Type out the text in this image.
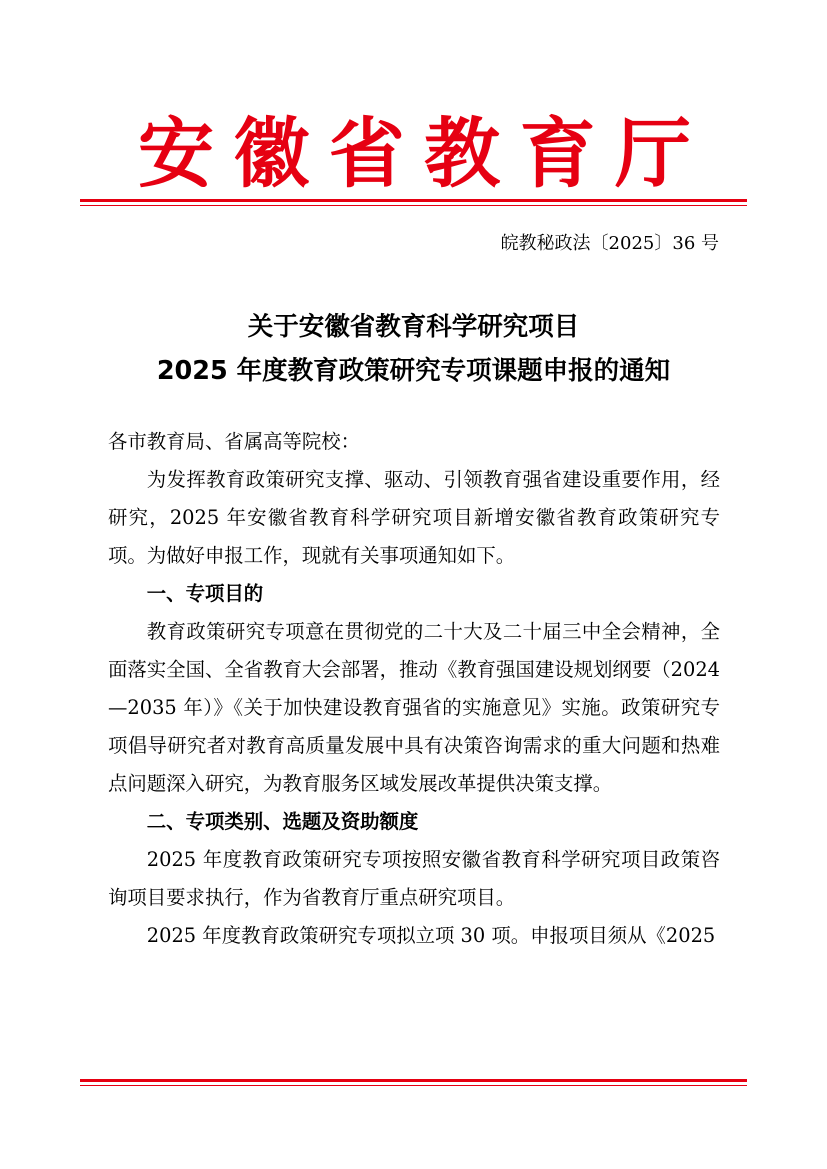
安 徽 省 教 育 厅
皖教秘政法〔2025〕36 号
关于安徽省教育科学研究项目
2025 年度教育政策研究专项课题申报的通知

各市教育局、省属高等院校：

为发挥教育政策研究支撑、驱动、引领教育强省建设重要作用，经研究，2025 年安徽省教育科学研究项目新增安徽省教育政策研究专项。为做好申报工作，现就有关事项通知如下。

一、专项目的

教育政策研究专项意在贯彻党的二十大及二十届三中全会精神，全面落实全国、全省教育大会部署，推动《教育强国建设规划纲要（2024—2035 年）》《关于加快建设教育强省的实施意见》实施。政策研究专项倡导研究者对教育高质量发展中具有决策咨询需求的重大问题和热难点问题深入研究，为教育服务区域发展改革提供决策支撑。

二、专项类别、选题及资助额度

2025 年度教育政策研究专项按照安徽省教育科学研究项目政策咨询项目要求执行，作为省教育厅重点研究项目。

2025 年度教育政策研究专项拟立项 30 项。申报项目须从《2025
